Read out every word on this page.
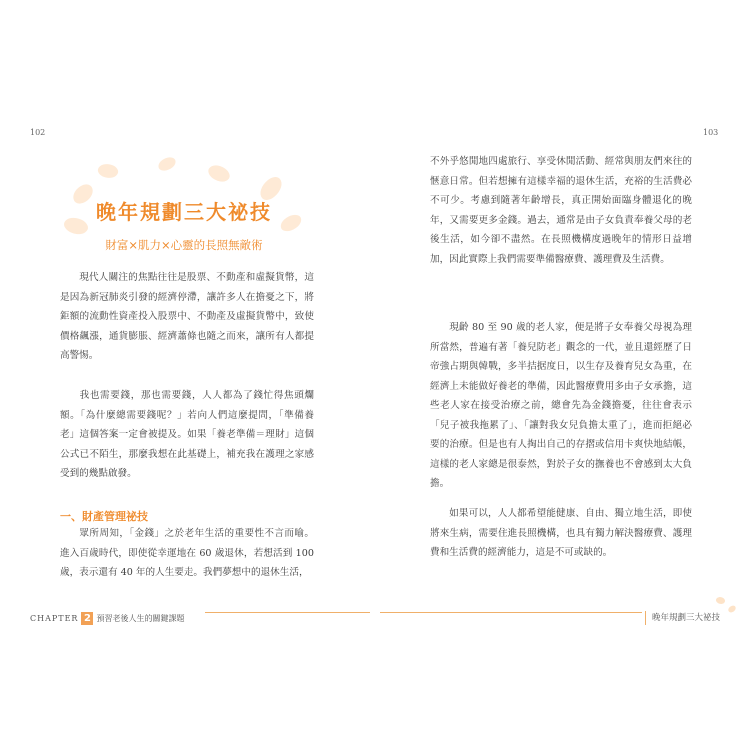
102	103
晚年規劃三大祕技
財富×肌力×心靈的長照無敵術

現代人關注的焦點往往是股票、不動產和虛擬貨幣，這是因為新冠肺炎引發的經濟停滯，讓許多人在擔憂之下，將鉅額的流動性資產投入股票中、不動產及虛擬貨幣中，致使價格飆漲，通貨膨脹、經濟蕭條也隨之而來，讓所有人都提高警惕。

我也需要錢，那也需要錢，人人都為了錢忙得焦頭爛額。「為什麼總需要錢呢？」若向人們這麼提問，「準備養老」這個答案一定會被提及。如果「養老準備＝理財」這個公式已不陌生，那麼我想在此基礎上，補充我在護理之家感受到的幾點啟發。

一、財產管理祕技

眾所周知，「金錢」之於老年生活的重要性不言而喻。進入百歲時代，即使從幸運地在 60 歲退休，若想活到 100 歲，表示還有 40 年的人生要走。我們夢想中的退休生活，

不外乎悠閒地四處旅行、享受休閒活動、經常與朋友們來往的愜意日常。但若想擁有這樣幸福的退休生活，充裕的生活費必不可少。考慮到隨著年齡增長，真正開始面臨身體退化的晚年，又需要更多金錢。過去，通常是由子女負責奉養父母的老後生活，如今卻不盡然。在長照機構度過晚年的情形日益增加，因此實際上我們需要準備醫療費、護理費及生活費。

現齡 80 至 90 歲的老人家，便是將子女奉養父母視為理所當然，普遍有著「養兒防老」觀念的一代，並且還經歷了日帝強占期與韓戰，多半拮据度日，以生存及養育兒女為重，在經濟上未能做好養老的準備，因此醫療費用多由子女承擔，這些老人家在接受治療之前，總會先為金錢擔憂，往往會表示「兒子被我拖累了」、「讓對我女兒負擔太重了」，進而拒絕必要的治療。但是也有人掏出自己的存摺或信用卡爽快地結帳，這樣的老人家總是很泰然，對於子女的撫養也不會感到太大負擔。

如果可以，人人都希望能健康、自由、獨立地生活，即使將來生病，需要住進長照機構，也具有獨力解決醫療費、護理費和生活費的經濟能力，這是不可或缺的。

CHAPTER 2 預習老後人生的關鍵課題	晚年規劃三大祕技
